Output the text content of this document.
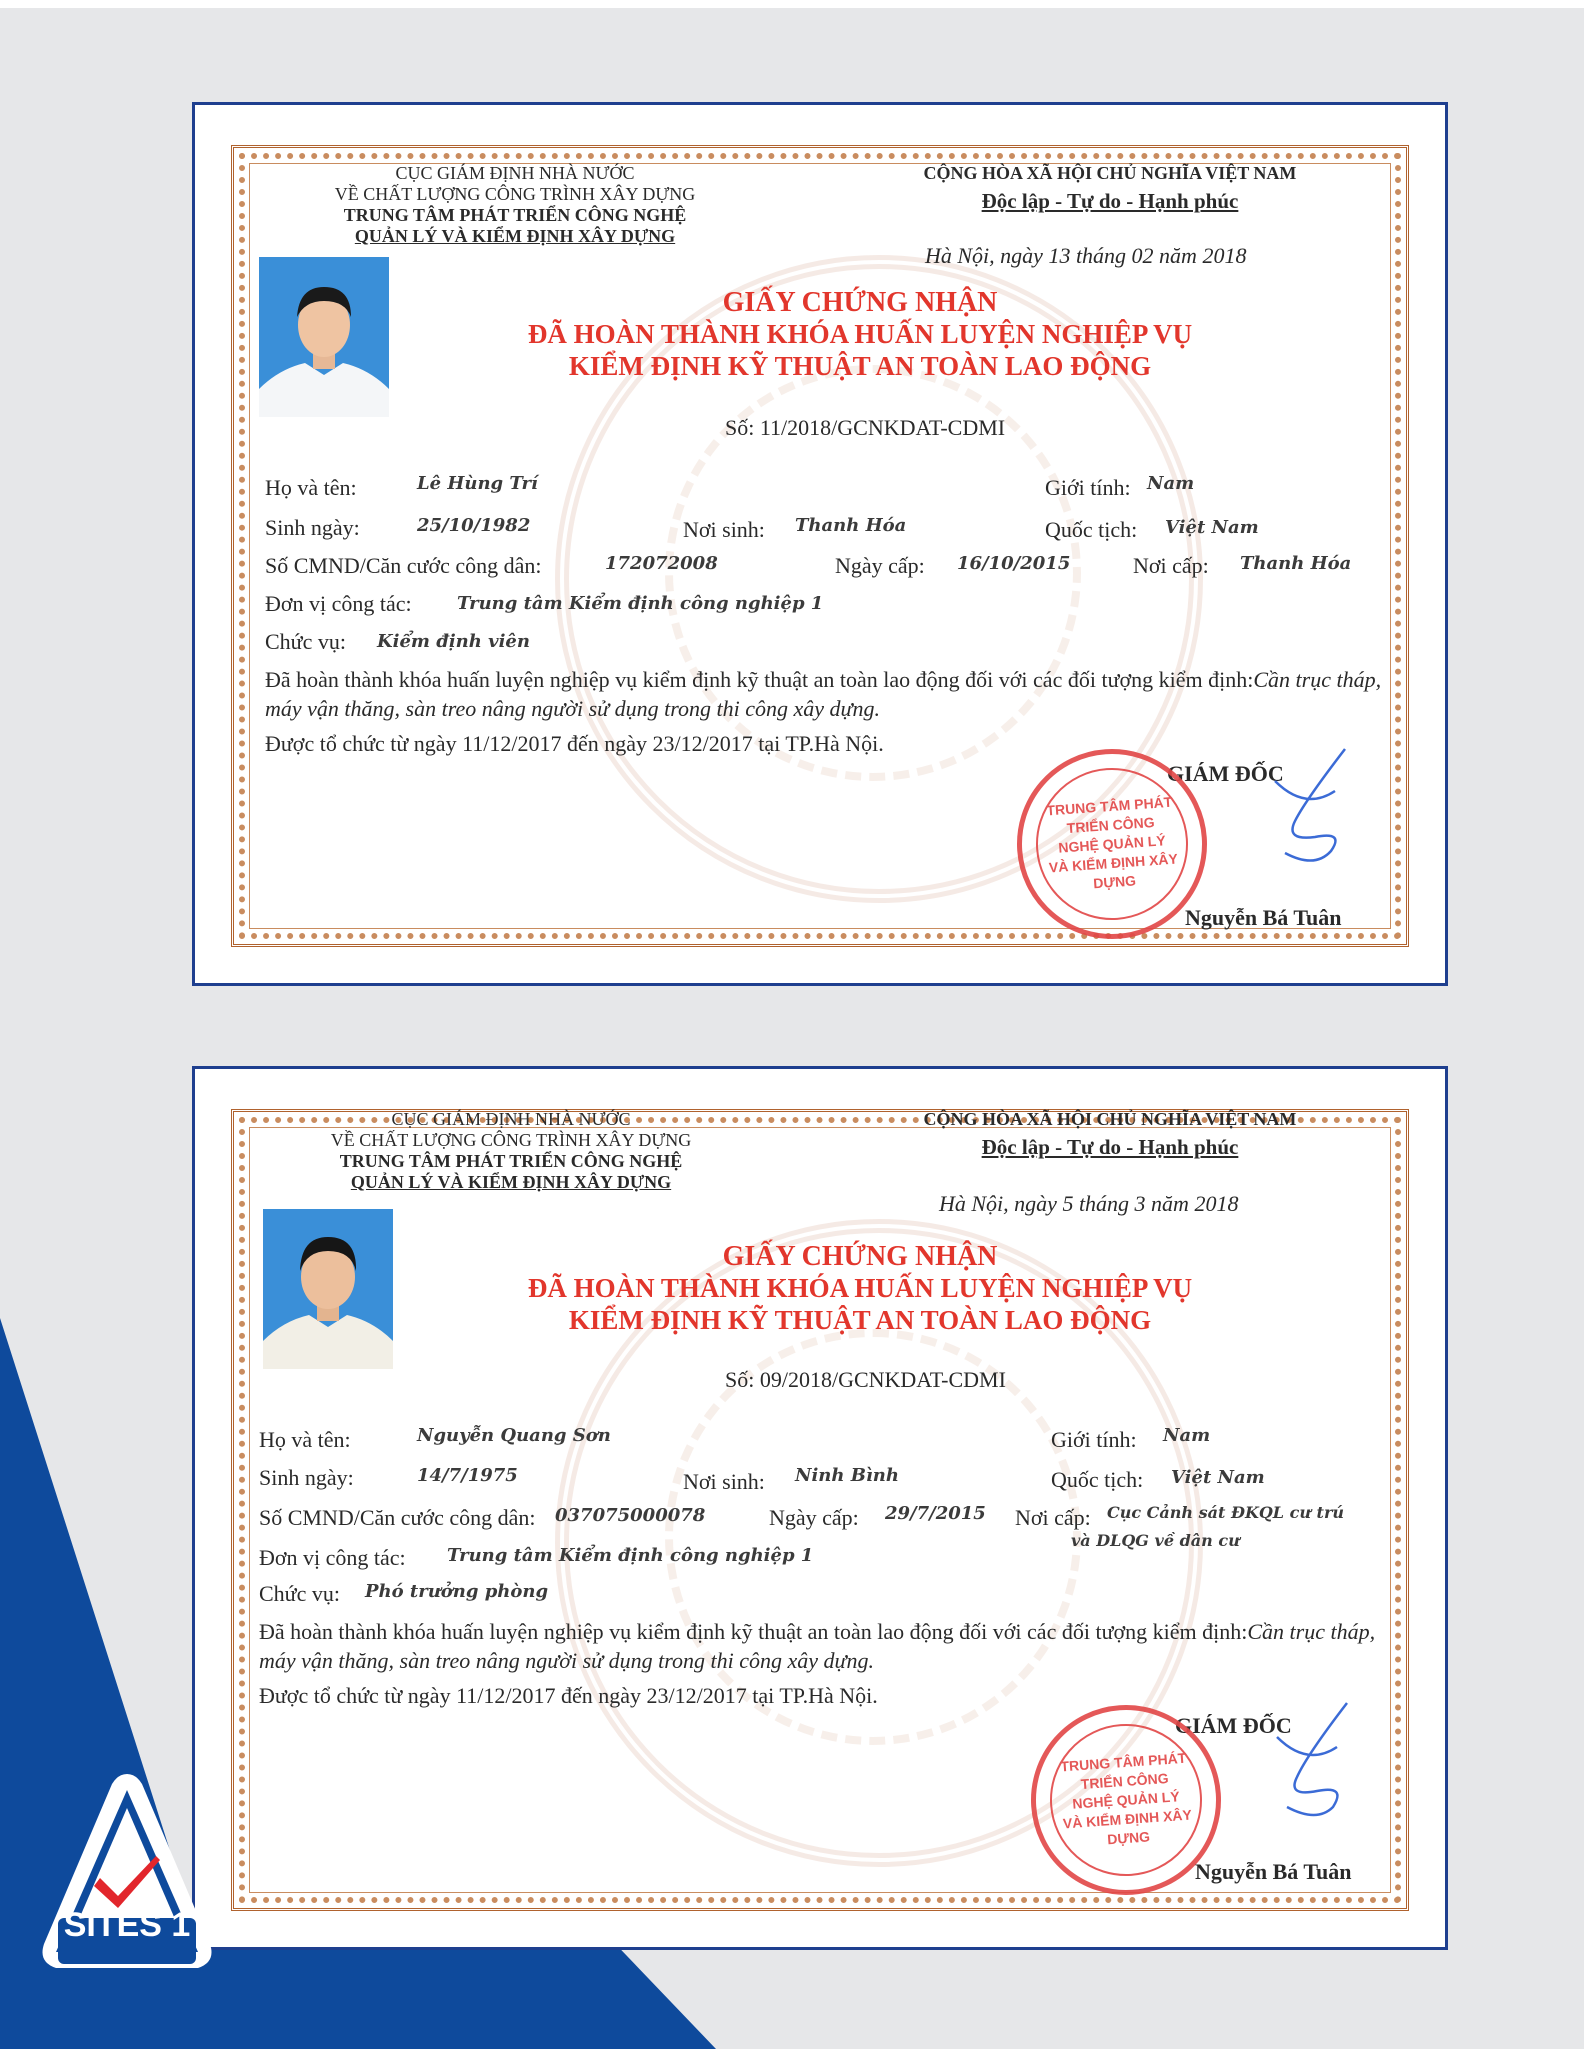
CỤC GIÁM ĐỊNH NHÀ NƯỚC
VỀ CHẤT LƯỢNG CÔNG TRÌNH XÂY DỰNG
TRUNG TÂM PHÁT TRIỂN CÔNG NGHỆ
QUẢN LÝ VÀ KIỂM ĐỊNH XÂY DỰNG
CỘNG HÒA XÃ HỘI CHỦ NGHĨA VIỆT NAM
Độc lập - Tự do - Hạnh phúc
Hà Nội, ngày 13 tháng 02 năm 2018
GIẤY CHỨNG NHẬN
ĐÃ HOÀN THÀNH KHÓA HUẤN LUYỆN NGHIỆP VỤ
KIỂM ĐỊNH KỸ THUẬT AN TOÀN LAO ĐỘNG
Số: 11/2018/GCNKDAT-CDMI
Họ và tên:	Lê Hùng Trí	Giới tính: Nam
Sinh ngày:	25/10/1982	Nơi sinh: Thanh Hóa	Quốc tịch: Việt Nam
Số CMND/Căn cước công dân:	172072008	Ngày cấp: 16/10/2015	Nơi cấp: Thanh Hóa
Đơn vị công tác:	Trung tâm Kiểm định công nghiệp 1
Chức vụ: Kiểm định viên
Đã hoàn thành khóa huấn luyện nghiệp vụ kiểm định kỹ thuật an toàn lao động đối với các đối tượng kiểm định:Cần trục tháp, máy vận thăng, sàn treo nâng người sử dụng trong thi công xây dựng.
Được tổ chức từ ngày 11/12/2017 đến ngày 23/12/2017 tại TP.Hà Nội.
GIÁM ĐỐC
TRUNG TÂM PHÁT TRIỂN CÔNG NGHỆ QUẢN LÝ VÀ KIỂM ĐỊNH XÂY DỰNG
Nguyễn Bá Tuân
CỤC GIÁM ĐỊNH NHÀ NƯỚC
VỀ CHẤT LƯỢNG CÔNG TRÌNH XÂY DỰNG
TRUNG TÂM PHÁT TRIỂN CÔNG NGHỆ
QUẢN LÝ VÀ KIỂM ĐỊNH XÂY DỰNG
CỘNG HÒA XÃ HỘI CHỦ NGHĨA VIỆT NAM
Độc lập - Tự do - Hạnh phúc
Hà Nội, ngày 5 tháng 3 năm 2018
GIẤY CHỨNG NHẬN
ĐÃ HOÀN THÀNH KHÓA HUẤN LUYỆN NGHIỆP VỤ
KIỂM ĐỊNH KỸ THUẬT AN TOÀN LAO ĐỘNG
Số: 09/2018/GCNKDAT-CDMI
Họ và tên:	Nguyễn Quang Sơn	Giới tính: Nam
Sinh ngày:	14/7/1975	Nơi sinh: Ninh Bình	Quốc tịch: Việt Nam
Số CMND/Căn cước công dân: 037075000078	Ngày cấp: 29/7/2015 Nơi cấp: Cục Cảnh sát ĐKQL cư trú
và DLQG về dân cư
Đơn vị công tác: Trung tâm Kiểm định công nghiệp 1
Chức vụ: Phó trưởng phòng
Đã hoàn thành khóa huấn luyện nghiệp vụ kiểm định kỹ thuật an toàn lao động đối với các đối tượng kiểm định:Cần trục tháp, máy vận thăng, sàn treo nâng người sử dụng trong thi công xây dựng.
Được tổ chức từ ngày 11/12/2017 đến ngày 23/12/2017 tại TP.Hà Nội.
GIÁM ĐỐC
TRUNG TÂM PHÁT TRIỂN CÔNG NGHỆ QUẢN LÝ VÀ KIỂM ĐỊNH XÂY DỰNG
Nguyễn Bá Tuân
SITES 1
